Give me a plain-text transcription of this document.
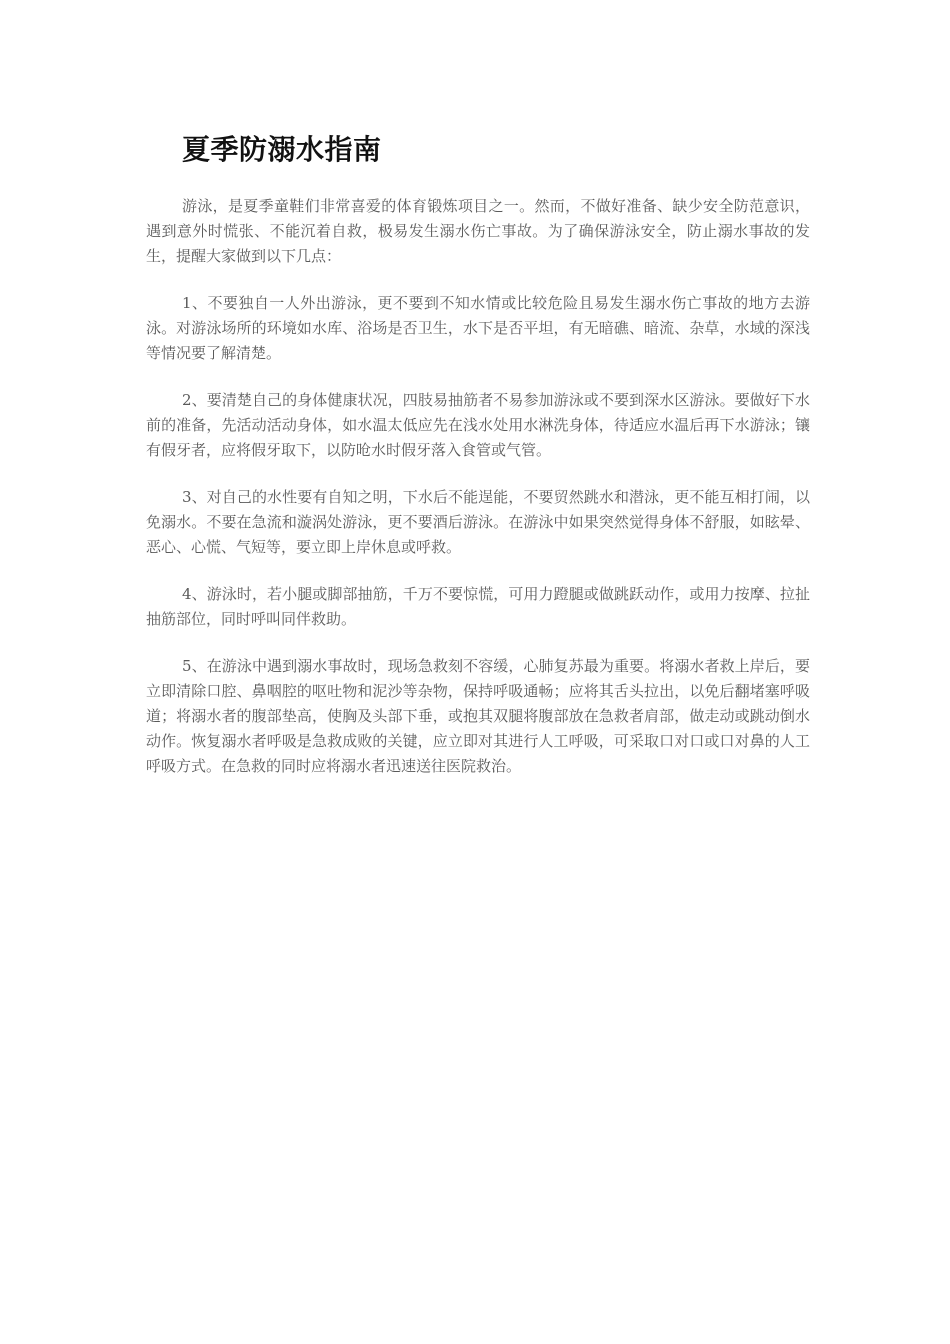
夏季防溺水指南

游泳，是夏季童鞋们非常喜爱的体育锻炼项目之一。然而，不做好准备、缺少安全防范意识，遇到意外时慌张、不能沉着自救，极易发生溺水伤亡事故。为了确保游泳安全，防止溺水事故的发生，提醒大家做到以下几点：

1、不要独自一人外出游泳，更不要到不知水情或比较危险且易发生溺水伤亡事故的地方去游泳。对游泳场所的环境如水库、浴场是否卫生，水下是否平坦，有无暗礁、暗流、杂草，水域的深浅等情况要了解清楚。

2、要清楚自己的身体健康状况，四肢易抽筋者不易参加游泳或不要到深水区游泳。要做好下水前的准备，先活动活动身体，如水温太低应先在浅水处用水淋洗身体，待适应水温后再下水游泳；镶有假牙者，应将假牙取下，以防呛水时假牙落入食管或气管。

3、对自己的水性要有自知之明，下水后不能逞能，不要贸然跳水和潜泳，更不能互相打闹，以免溺水。不要在急流和漩涡处游泳，更不要酒后游泳。在游泳中如果突然觉得身体不舒服，如眩晕、恶心、心慌、气短等，要立即上岸休息或呼救。

4、游泳时，若小腿或脚部抽筋，千万不要惊慌，可用力蹬腿或做跳跃动作，或用力按摩、拉扯抽筋部位，同时呼叫同伴救助。

5、在游泳中遇到溺水事故时，现场急救刻不容缓，心肺复苏最为重要。将溺水者救上岸后，要立即清除口腔、鼻咽腔的呕吐物和泥沙等杂物，保持呼吸通畅；应将其舌头拉出，以免后翻堵塞呼吸道；将溺水者的腹部垫高，使胸及头部下垂，或抱其双腿将腹部放在急救者肩部，做走动或跳动倒水动作。恢复溺水者呼吸是急救成败的关键，应立即对其进行人工呼吸，可采取口对口或口对鼻的人工呼吸方式。在急救的同时应将溺水者迅速送往医院救治。
